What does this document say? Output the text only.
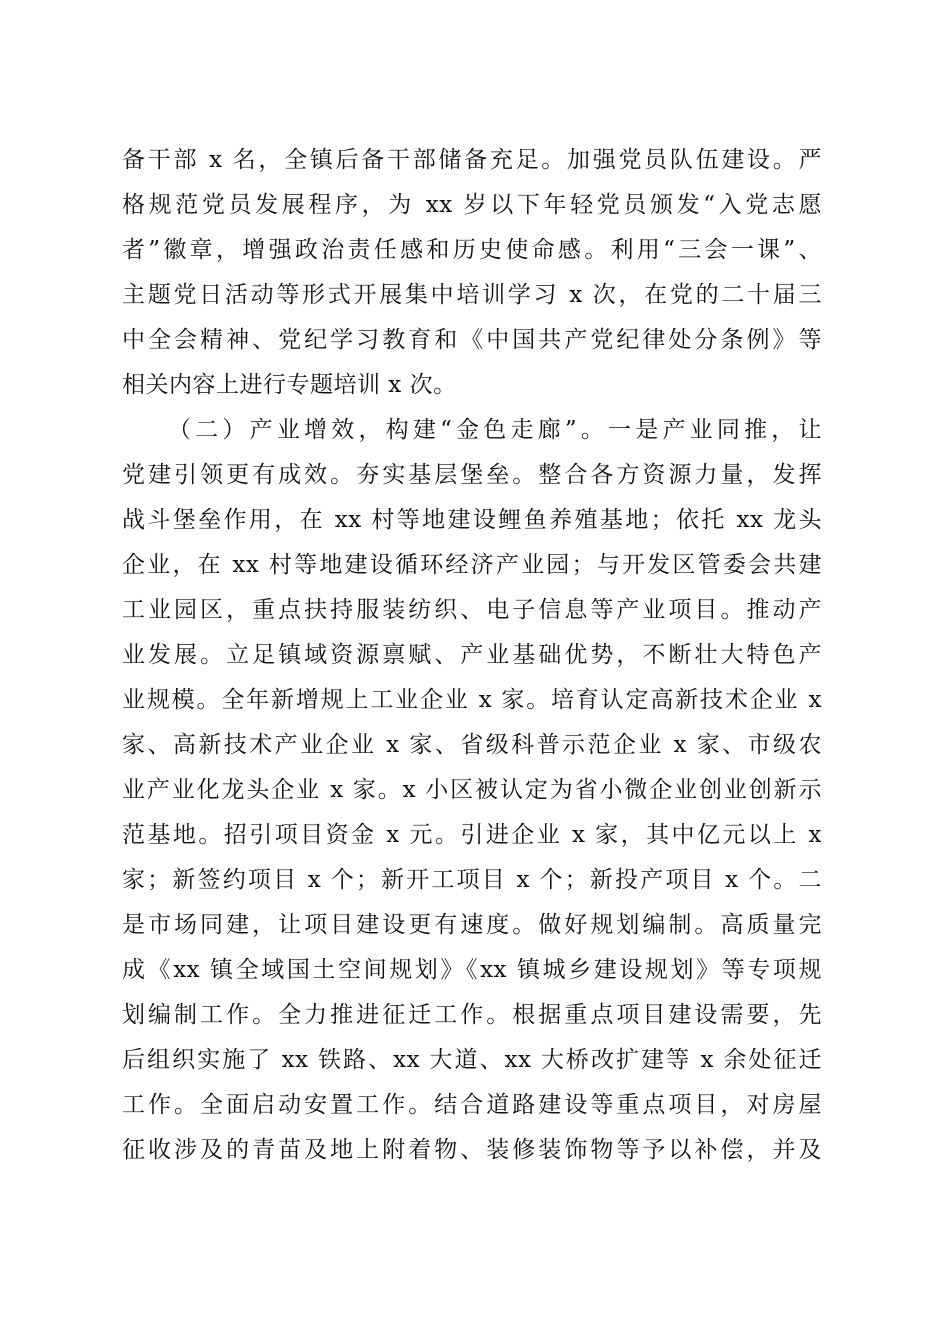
备干部 x 名，全镇后备干部储备充足。加强党员队伍建设。严

格规范党员发展程序，为 xx 岁以下年轻党员颁发“入党志愿

者”徽章，增强政治责任感和历史使命感。利用“三会一课”、

主题党日活动等形式开展集中培训学习 x 次，在党的二十届三

中全会精神、党纪学习教育和《中国共产党纪律处分条例》等

相关内容上进行专题培训 x 次。

（二）产业增效，构建“金色走廊”。一是产业同推，让

党建引领更有成效。夯实基层堡垒。整合各方资源力量，发挥

战斗堡垒作用，在 xx 村等地建设鲤鱼养殖基地；依托 xx 龙头

企业，在 xx 村等地建设循环经济产业园；与开发区管委会共建

工业园区，重点扶持服装纺织、电子信息等产业项目。推动产

业发展。立足镇域资源禀赋、产业基础优势，不断壮大特色产

业规模。全年新增规上工业企业 x 家。培育认定高新技术企业 x

家、高新技术产业企业 x 家、省级科普示范企业 x 家、市级农

业产业化龙头企业 x 家。x 小区被认定为省小微企业创业创新示

范基地。招引项目资金 x 元。引进企业 x 家，其中亿元以上 x

家；新签约项目 x 个；新开工项目 x 个；新投产项目 x 个。二

是市场同建，让项目建设更有速度。做好规划编制。高质量完

成《xx 镇全域国土空间规划》《xx 镇城乡建设规划》等专项规

划编制工作。全力推进征迁工作。根据重点项目建设需要，先

后组织实施了 xx 铁路、xx 大道、xx 大桥改扩建等 x 余处征迁

工作。全面启动安置工作。结合道路建设等重点项目，对房屋

征收涉及的青苗及地上附着物、装修装饰物等予以补偿，并及
